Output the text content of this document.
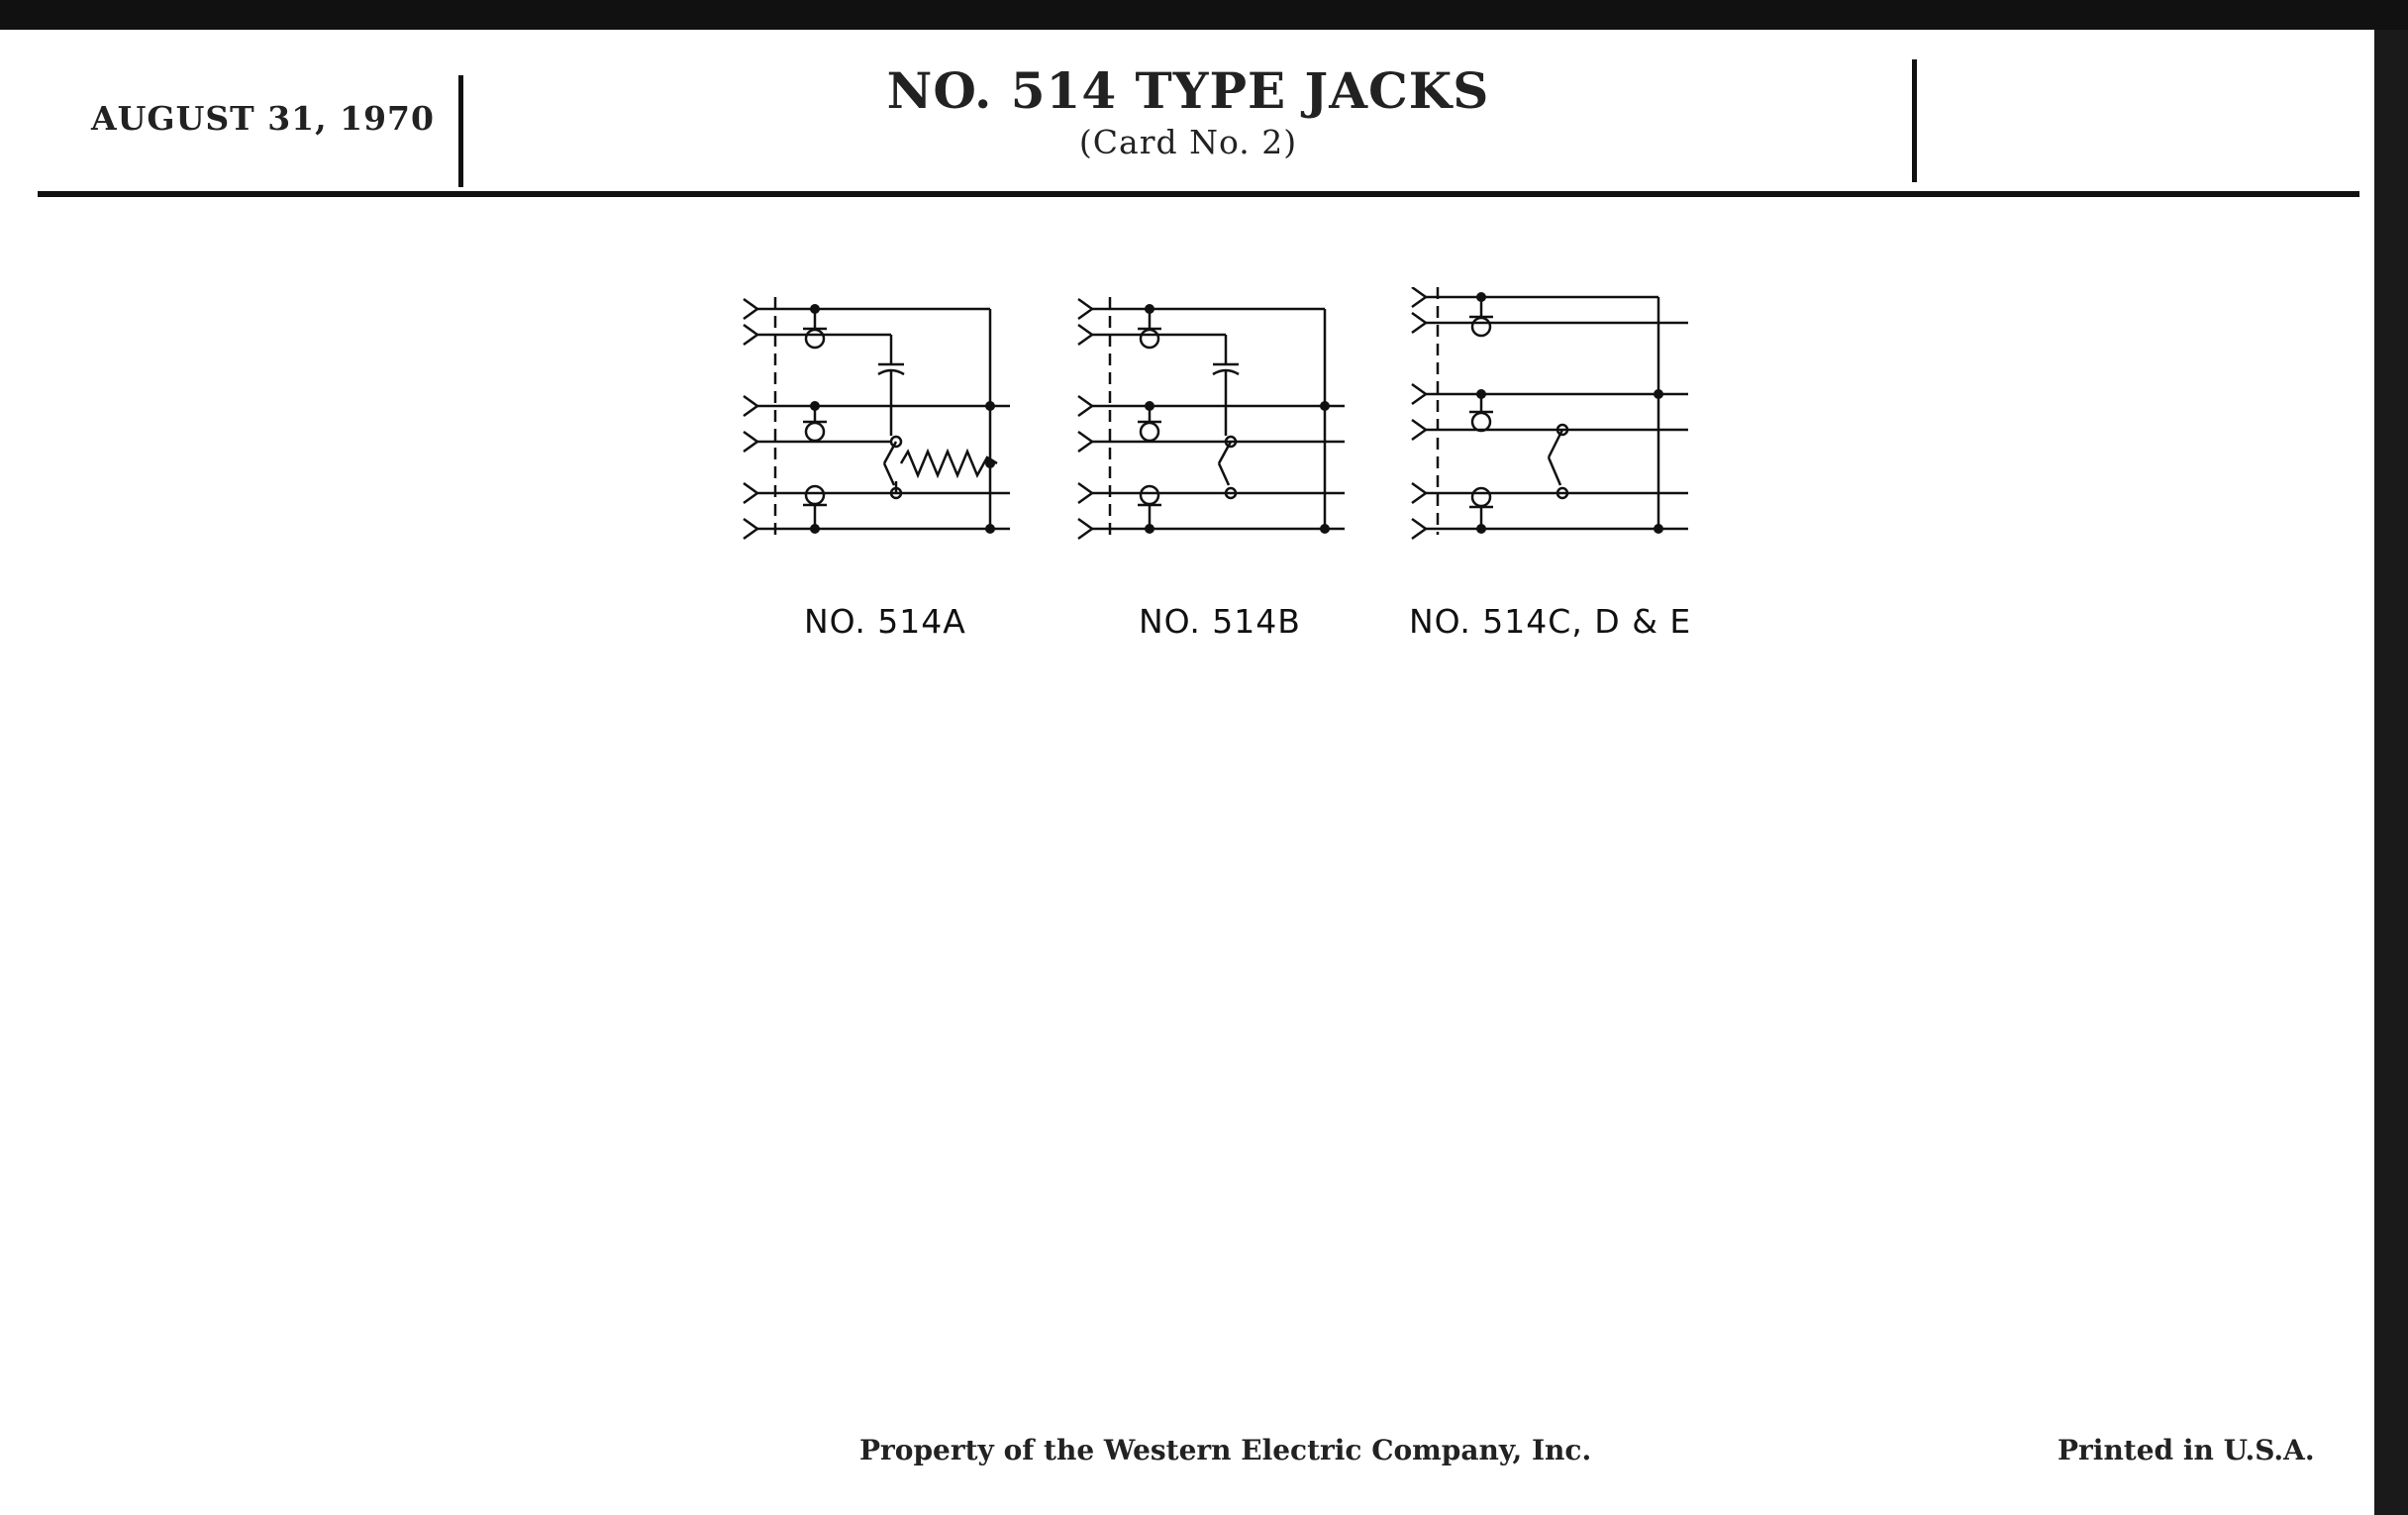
AUGUST 31, 1970	NO. 514 TYPE JACKS
(Card No. 2)
NO. 514A	NO. 514B	NO. 514C, D & E
Property of the Western Electric Company, Inc.	Printed in U.S.A.
